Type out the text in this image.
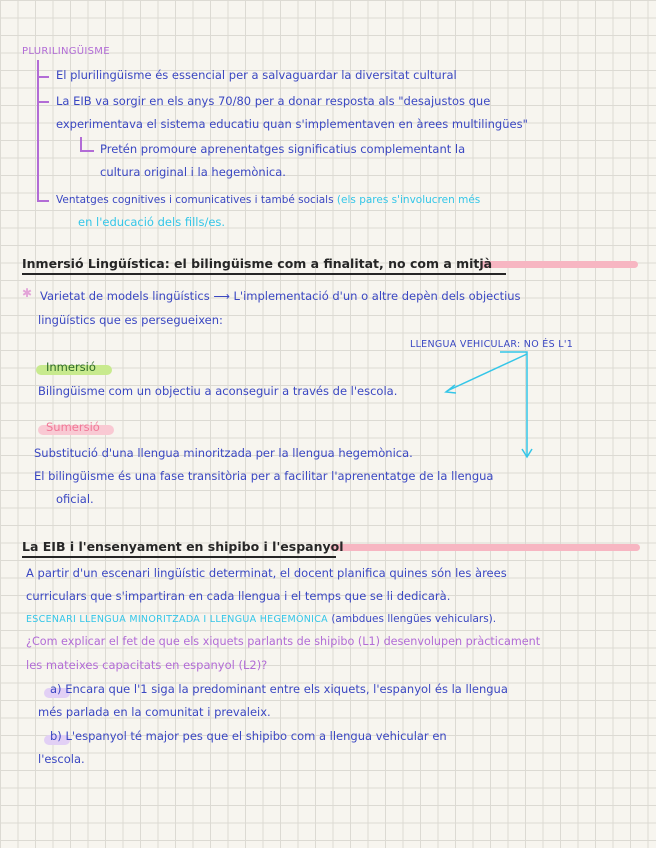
PLURILINGÜISME
El plurilingüisme és essencial per a salvaguardar la diversitat cultural
La EIB va sorgir en els anys 70/80 per a donar resposta als "desajustos que
experimentava el sistema educatiu quan s'implementaven en àrees multilingües"
Pretén promoure aprenentatges significatius complementant la
cultura original i la hegemònica.
Ventatges cognitives i comunicatives i també socials (els pares s'involucren més
en l'educació dels fills/es.
Inmersió Lingüística: el bilingüisme com a finalitat, no com a mitjà
✱ Varietat de models lingüístics ⟶ L'implementació d'un o altre depèn dels objectius
lingüístics que es persegueixen:
LLENGUA VEHICULAR: NO ÉS L'1
Inmersió
Bilingüisme com un objectiu a aconseguir a través de l'escola.
Sumersió
Substitució d'una llengua minoritzada per la llengua hegemònica.
El bilingüisme és una fase transitòria per a facilitar l'aprenentatge de la llengua
oficial.
La EIB i l'ensenyament en shipibo i l'espanyol
A partir d'un escenari lingüístic determinat, el docent planifica quines són les àrees
curriculars que s'impartiran en cada llengua i el temps que se li dedicarà.
ESCENARI LLENGUA MINORITZADA I LLENGUA HEGEMÒNICA (ambdues llengües vehiculars).
¿Com explicar el fet de que els xiquets parlants de shipibo (L1) desenvolupen pràcticament
les mateixes capacitats en espanyol (L2)?
a) Encara que l'1 siga la predominant entre els xiquets, l'espanyol és la llengua
més parlada en la comunitat i prevaleix.
b) L'espanyol té major pes que el shipibo com a llengua vehicular en
l'escola.
